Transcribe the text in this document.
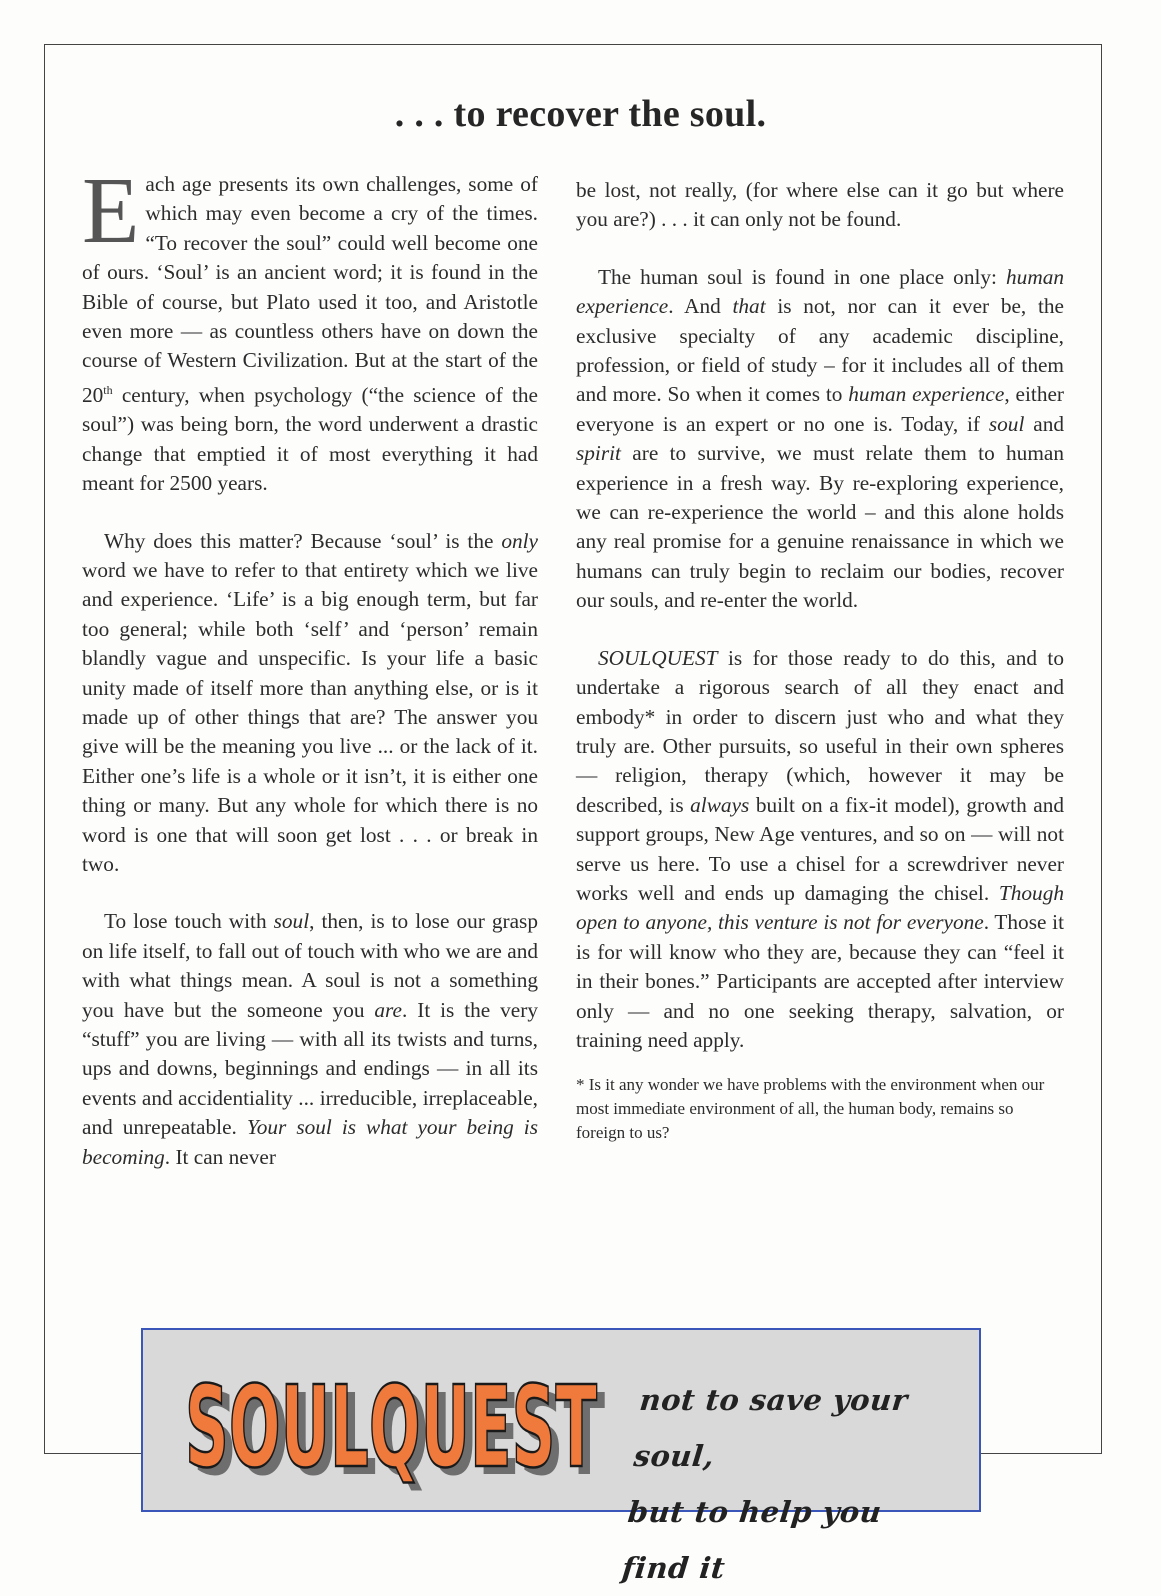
. . . to recover the soul.

Each age presents its own challenges, some of which may even become a cry of the times. “To recover the soul” could well become one of ours. ‘Soul’ is an ancient word; it is found in the Bible of course, but Plato used it too, and Aristotle even more — as countless others have on down the course of Western Civilization. But at the start of the 20th century, when psychology (“the science of the soul”) was being born, the word underwent a drastic change that emptied it of most everything it had meant for 2500 years.

Why does this matter? Because ‘soul’ is the only word we have to refer to that entirety which we live and experience. ‘Life’ is a big enough term, but far too general; while both ‘self’ and ‘person’ remain blandly vague and unspecific. Is your life a basic unity made of itself more than anything else, or is it made up of other things that are? The answer you give will be the meaning you live ... or the lack of it. Either one’s life is a whole or it isn’t, it is either one thing or many. But any whole for which there is no word is one that will soon get lost . . . or break in two.

To lose touch with soul, then, is to lose our grasp on life itself, to fall out of touch with who we are and with what things mean. A soul is not a something you have but the someone you are. It is the very “stuff” you are living — with all its twists and turns, ups and downs, beginnings and endings — in all its events and accidentiality ... irreducible, irreplaceable, and unrepeatable. Your soul is what your being is becoming. It can never

be lost, not really, (for where else can it go but where you are?) . . . it can only not be found.

The human soul is found in one place only: human experience. And that is not, nor can it ever be, the exclusive specialty of any academic discipline, profession, or field of study – for it includes all of them and more. So when it comes to human experience, either everyone is an expert or no one is. Today, if soul and spirit are to survive, we must relate them to human experience in a fresh way. By re-exploring experience, we can re-experience the world – and this alone holds any real promise for a genuine renaissance in which we humans can truly begin to reclaim our bodies, recover our souls, and re-enter the world.

SOULQUEST is for those ready to do this, and to undertake a rigorous search of all they enact and embody* in order to discern just who and what they truly are. Other pursuits, so useful in their own spheres — religion, therapy (which, however it may be described, is always built on a fix-it model), growth and support groups, New Age ventures, and so on — will not serve us here. To use a chisel for a screwdriver never works well and ends up damaging the chisel. Though open to anyone, this venture is not for everyone. Those it is for will know who they are, because they can “feel it in their bones.” Participants are accepted after interview only — and no one seeking therapy, salvation, or training need apply.

* Is it any wonder we have problems with the environment when our most immediate environment of all, the human body, remains so foreign to us?

SOULQUEST
SOULQUEST not to save your soul,
but to help you find it
